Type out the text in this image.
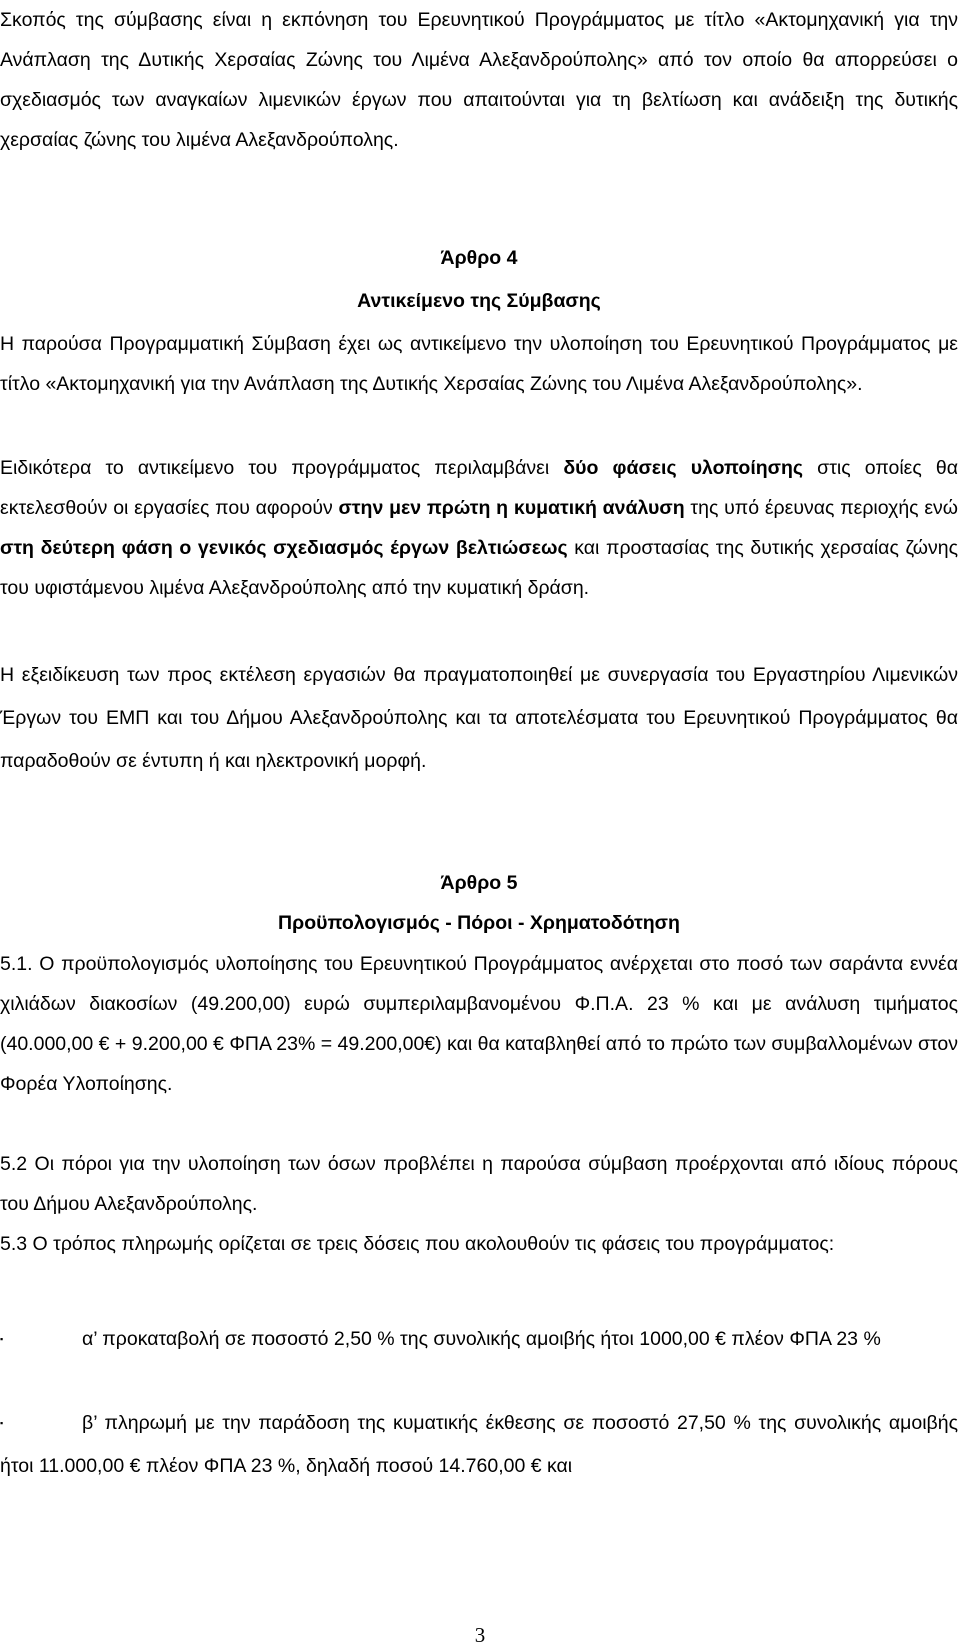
Σκοπός της σύμβασης είναι η εκπόνηση του Ερευνητικού Προγράμματος με τίτλο «Ακτομηχανική για την Ανάπλαση της Δυτικής Χερσαίας Ζώνης του Λιμένα Αλεξανδρούπολης» από τον οποίο θα απορρεύσει ο σχεδιασμός των αναγκαίων λιμενικών έργων που απαιτούνται για τη βελτίωση και ανάδειξη της δυτικής χερσαίας ζώνης του λιμένα Αλεξανδρούπολης.
Άρθρο 4
Αντικείμενο της Σύμβασης
Η παρούσα Προγραμματική Σύμβαση έχει ως αντικείμενο την υλοποίηση του Ερευνητικού Προγράμματος με τίτλο «Ακτομηχανική για την Ανάπλαση της Δυτικής Χερσαίας Ζώνης του Λιμένα Αλεξανδρούπολης».
Ειδικότερα το αντικείμενο του προγράμματος περιλαμβάνει δύο φάσεις υλοποίησης στις οποίες θα εκτελεσθούν οι εργασίες που αφορούν στην μεν πρώτη η κυματική ανάλυση της υπό έρευνας περιοχής ενώ στη δεύτερη φάση ο γενικός σχεδιασμός έργων βελτιώσεως και προστασίας της δυτικής χερσαίας ζώνης του υφιστάμενου λιμένα Αλεξανδρούπολης από την κυματική δράση.
Η εξειδίκευση των προς εκτέλεση εργασιών θα πραγματοποιηθεί με συνεργασία του Εργαστηρίου Λιμενικών Έργων του ΕΜΠ και του Δήμου Αλεξανδρούπολης και τα αποτελέσματα του Ερευνητικού Προγράμματος θα παραδοθούν σε έντυπη ή και ηλεκτρονική μορφή.
Άρθρο 5
Προϋπολογισμός - Πόροι - Χρηματοδότηση
5.1. Ο προϋπολογισμός υλοποίησης του Ερευνητικού Προγράμματος ανέρχεται στο ποσό των σαράντα εννέα χιλιάδων διακοσίων (49.200,00) ευρώ συμπεριλαμβανομένου Φ.Π.Α. 23 % και με ανάλυση τιμήματος (40.000,00 € + 9.200,00 € ΦΠΑ 23% = 49.200,00€) και θα καταβληθεί από το πρώτο των συμβαλλομένων στον Φορέα Υλοποίησης.
5.2 Οι πόροι για την υλοποίηση των όσων προβλέπει η παρούσα σύμβαση προέρχονται από ιδίους πόρους του Δήμου Αλεξανδρούπολης.
5.3 Ο τρόπος πληρωμής ορίζεται σε τρεις δόσεις που ακολουθούν τις φάσεις του προγράμματος:
▪	α’ προκαταβολή σε ποσοστό 2,50 % της συνολικής αμοιβής ήτοι 1000,00 € πλέον ΦΠΑ 23 %
▪	β’ πληρωμή με την παράδοση της κυματικής έκθεσης σε ποσοστό 27,50 % της συνολικής αμοιβής ήτοι 11.000,00 € πλέον ΦΠΑ 23 %, δηλαδή ποσού 14.760,00 € και
3
